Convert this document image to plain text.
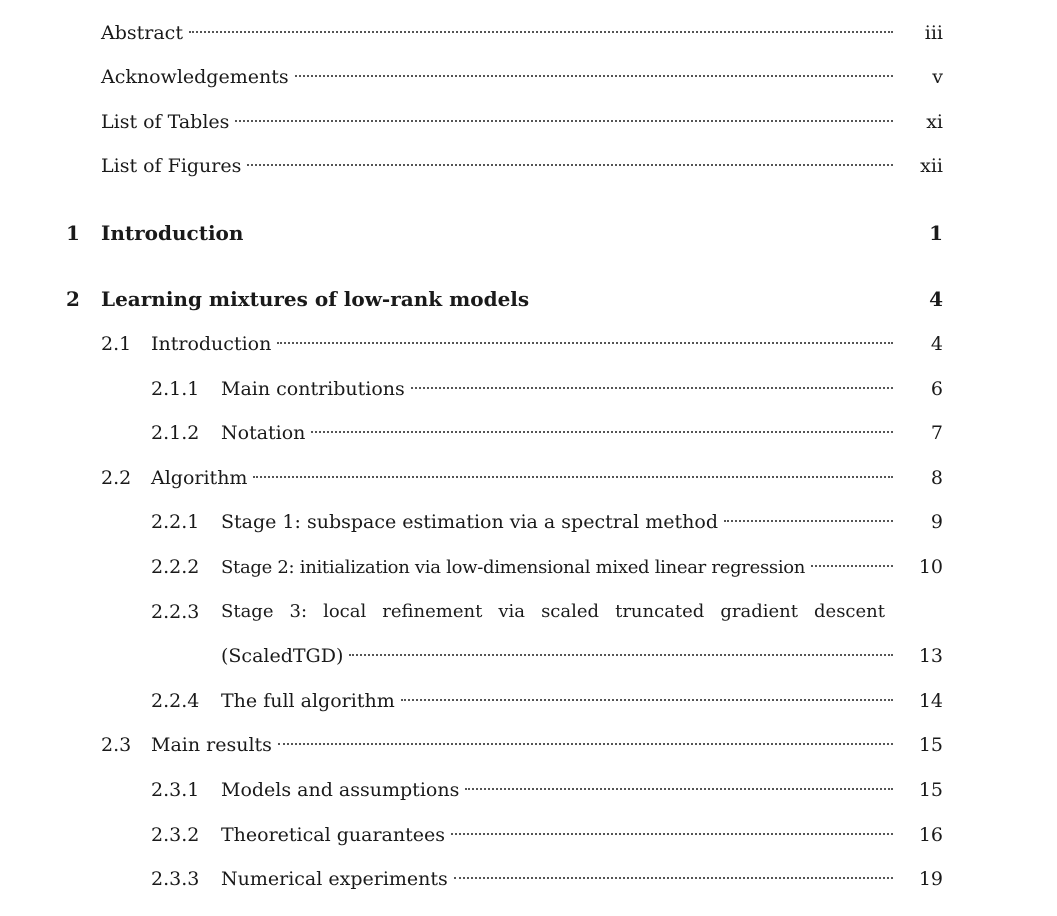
Abstract	iii
Acknowledgements	v
List of Tables	xi
List of Figures	xii
1 Introduction	1
2 Learning mixtures of low-rank models	4
2.1	Introduction	4
2.1.1	Main contributions	6
2.1.2	Notation	7
2.2	Algorithm	8
2.2.1	Stage 1: subspace estimation via a spectral method	9
2.2.2	Stage 2: initialization via low-dimensional mixed linear regression	10
2.2.3 Stage 3: local refinement via scaled truncated gradient descent
(ScaledTGD)	13
2.2.4	The full algorithm	14
2.3	Main results	15
2.3.1	Models and assumptions	15
2.3.2	Theoretical guarantees	16
2.3.3	Numerical experiments	19
